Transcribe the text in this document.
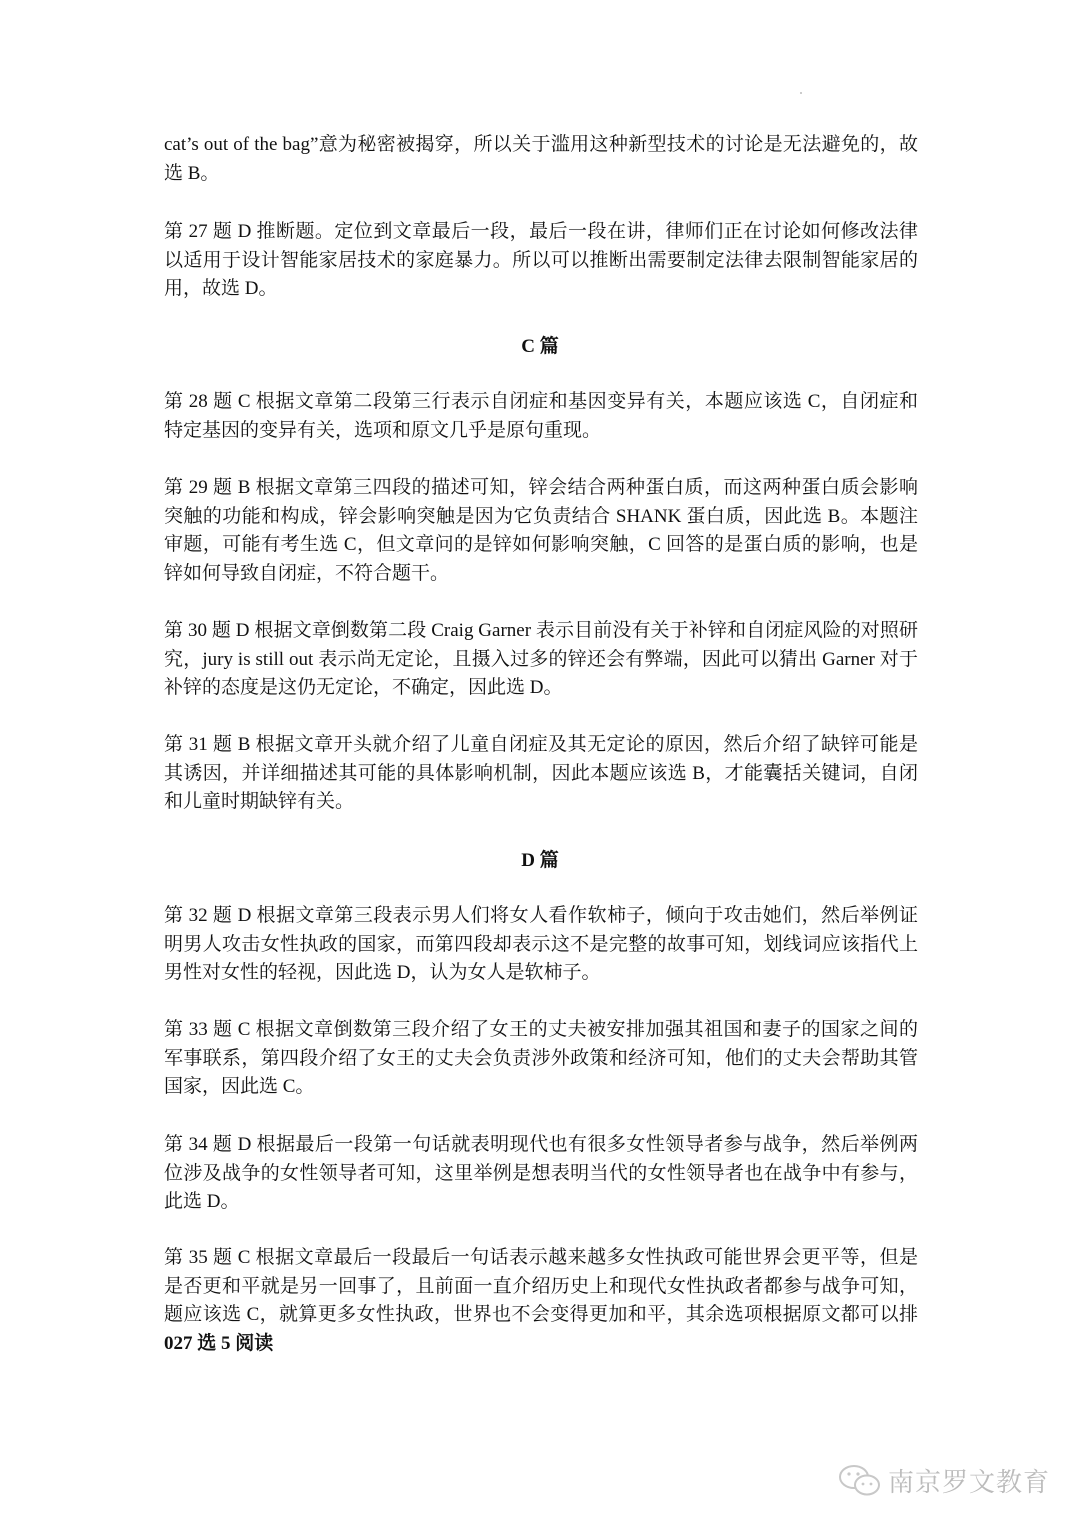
cat’s out of the bag”意为秘密被揭穿，所以关于滥用这种新型技术的讨论是无法避免的，故
选 B。
第 27 题 D 推断题。定位到文章最后一段，最后一段在讲，律师们正在讨论如何修改法律
以适用于设计智能家居技术的家庭暴力。所以可以推断出需要制定法律去限制智能家居的
用，故选 D。
C 篇
第 28 题 C 根据文章第二段第三行表示自闭症和基因变异有关，本题应该选 C，自闭症和
特定基因的变异有关，选项和原文几乎是原句重现。
第 29 题 B 根据文章第三四段的描述可知，锌会结合两种蛋白质，而这两种蛋白质会影响
突触的功能和构成，锌会影响突触是因为它负责结合 SHANK 蛋白质，因此选 B。本题注
审题，可能有考生选 C，但文章问的是锌如何影响突触，C 回答的是蛋白质的影响，也是
锌如何导致自闭症，不符合题干。
第 30 题 D 根据文章倒数第二段 Craig Garner 表示目前没有关于补锌和自闭症风险的对照研
究，jury is still out 表示尚无定论，且摄入过多的锌还会有弊端，因此可以猜出 Garner 对于
补锌的态度是这仍无定论，不确定，因此选 D。
第 31 题 B 根据文章开头就介绍了儿童自闭症及其无定论的原因，然后介绍了缺锌可能是
其诱因，并详细描述其可能的具体影响机制，因此本题应该选 B，才能囊括关键词，自闭
和儿童时期缺锌有关。
D 篇
第 32 题 D 根据文章第三段表示男人们将女人看作软柿子，倾向于攻击她们，然后举例证
明男人攻击女性执政的国家，而第四段却表示这不是完整的故事可知，划线词应该指代上
男性对女性的轻视，因此选 D，认为女人是软柿子。
第 33 题 C 根据文章倒数第三段介绍了女王的丈夫被安排加强其祖国和妻子的国家之间的
军事联系，第四段介绍了女王的丈夫会负责涉外政策和经济可知，他们的丈夫会帮助其管
国家，因此选 C。
第 34 题 D 根据最后一段第一句话就表明现代也有很多女性领导者参与战争，然后举例两
位涉及战争的女性领导者可知，这里举例是想表明当代的女性领导者也在战争中有参与，
此选 D。
第 35 题 C 根据文章最后一段最后一句话表示越来越多女性执政可能世界会更平等，但是
是否更和平就是另一回事了，且前面一直介绍历史上和现代女性执政者都参与战争可知，
题应该选 C，就算更多女性执政，世界也不会变得更加和平，其余选项根据原文都可以排
027 选 5 阅读
南京罗文教育
